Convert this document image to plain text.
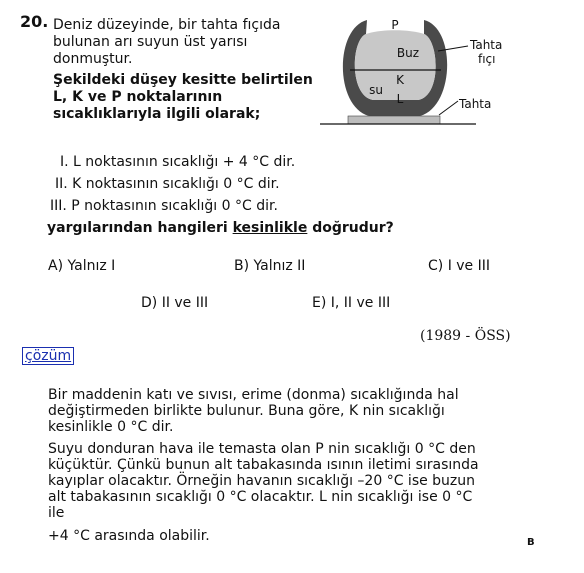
20. Deniz düzeyinde, bir tahta fıçıda
bulunan arı suyun üst yarısı
donmuştur.
Şekildeki düşey kesitte belirtilen
L, K ve P noktalarının
sıcaklıklarıyla ilgili olarak;
P
Buz
K
su
L
Tahta
fıçı
Tahta
I. L noktasının sıcaklığı + 4 °C dir.
II. K noktasının sıcaklığı 0 °C dir.
III. P noktasının sıcaklığı 0 °C dir.
yargılarından hangileri kesinlikle doğrudur?
A) Yalnız I	B) Yalnız II	C) I ve III
D) II ve III	E) I, II ve III
(1989 - ÖSS)
çözüm
Bir maddenin katı ve sıvısı, erime (donma) sıcaklığında hal
değiştirmeden birlikte bulunur. Buna göre, K nin sıcaklığı
kesinlikle 0 °C dir.
Suyu donduran hava ile temasta olan P nin sıcaklığı 0 °C den
küçüktür. Çünkü bunun alt tabakasında ısının iletimi sırasında
kayıplar olacaktır. Örneğin havanın sıcaklığı –20 °C ise buzun
alt tabakasının sıcaklığı 0 °C olacaktır. L nin sıcaklığı ise 0 °C
ile
+4 °C arasında olabilir.	B
